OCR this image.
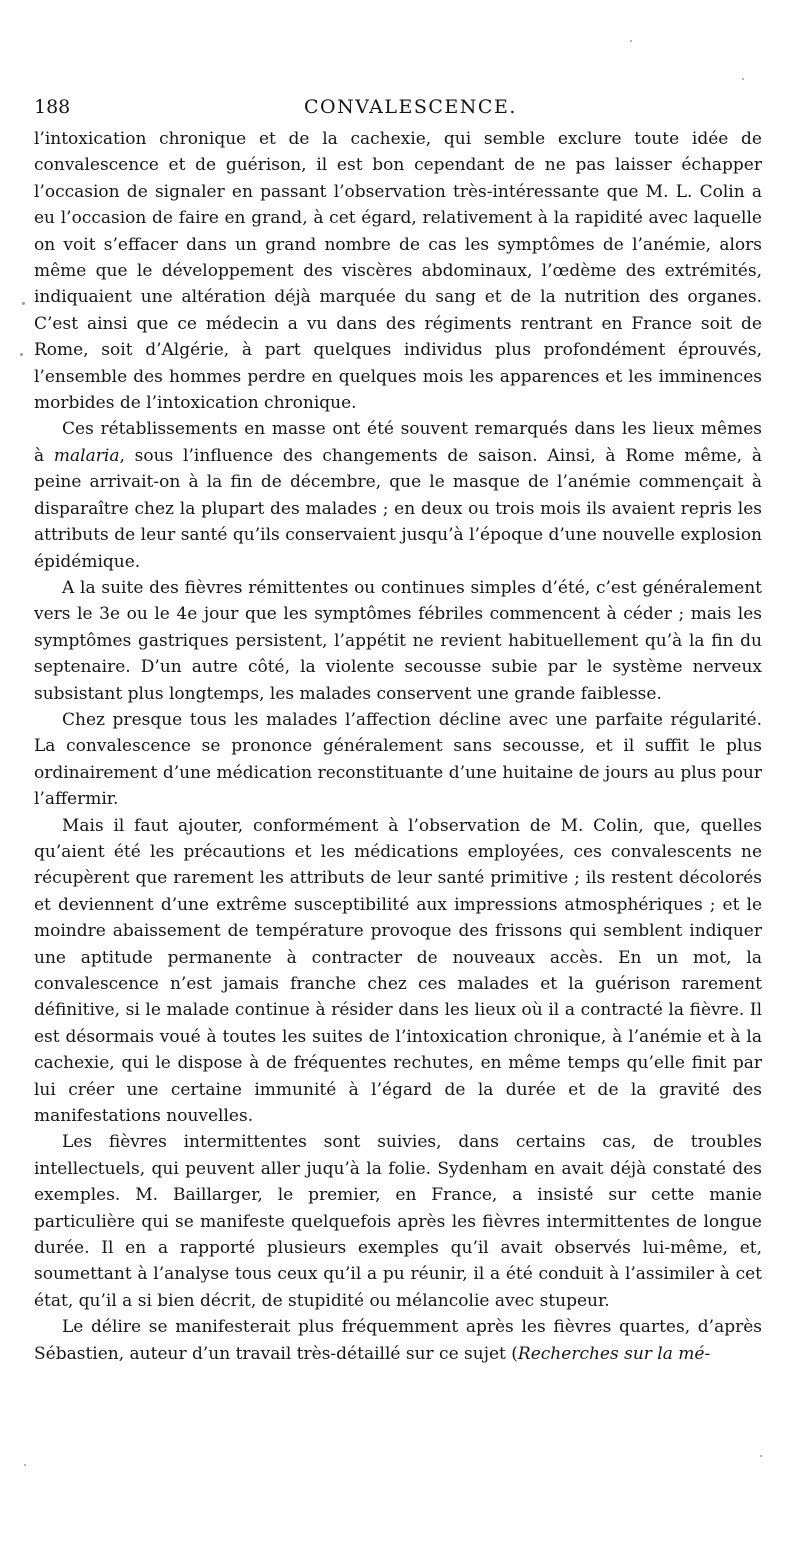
188	CONVALESCENCE.

l’intoxication chronique et de la cachexie, qui semble exclure toute idée de convalescence et de guérison, il est bon cependant de ne pas laisser échapper l’occasion de signaler en passant l’observation très-intéressante que M. L. Colin a eu l’occasion de faire en grand, à cet égard, relativement à la rapidité avec laquelle on voit s’effacer dans un grand nombre de cas les symptômes de l’anémie, alors même que le développement des viscères abdominaux, l’œdème des extrémités, indiquaient une altération déjà marquée du sang et de la nutrition des organes. C’est ainsi que ce médecin a vu dans des régiments rentrant en France soit de Rome, soit d’Algérie, à part quelques individus plus profondément éprouvés, l’ensemble des hommes perdre en quelques mois les apparences et les imminences morbides de l’intoxication chronique.

Ces rétablissements en masse ont été souvent remarqués dans les lieux mêmes à malaria, sous l’influence des changements de saison. Ainsi, à Rome même, à peine arrivait-on à la fin de décembre, que le masque de l’anémie commençait à disparaître chez la plupart des malades ; en deux ou trois mois ils avaient repris les attributs de leur santé qu’ils conservaient jusqu’à l’époque d’une nouvelle explosion épidémique.

A la suite des fièvres rémittentes ou continues simples d’été, c’est généralement vers le 3e ou le 4e jour que les symptômes fébriles commencent à céder ; mais les symptômes gastriques persistent, l’appétit ne revient habituellement qu’à la fin du septenaire. D’un autre côté, la violente secousse subie par le système nerveux subsistant plus longtemps, les malades conservent une grande faiblesse.

Chez presque tous les malades l’affection décline avec une parfaite régularité. La convalescence se prononce généralement sans secousse, et il suffit le plus ordinairement d’une médication reconstituante d’une huitaine de jours au plus pour l’affermir.

Mais il faut ajouter, conformément à l’observation de M. Colin, que, quelles qu’aient été les précautions et les médications employées, ces convalescents ne récupèrent que rarement les attributs de leur santé primitive ; ils restent décolorés et deviennent d’une extrême susceptibilité aux impressions atmosphériques ; et le moindre abaissement de température provoque des frissons qui semblent indiquer une aptitude permanente à contracter de nouveaux accès. En un mot, la convalescence n’est jamais franche chez ces malades et la guérison rarement définitive, si le malade continue à résider dans les lieux où il a contracté la fièvre. Il est désormais voué à toutes les suites de l’intoxication chronique, à l’anémie et à la cachexie, qui le dispose à de fréquentes rechutes, en même temps qu’elle finit par lui créer une certaine immunité à l’égard de la durée et de la gravité des manifestations nouvelles.

Les fièvres intermittentes sont suivies, dans certains cas, de troubles intellectuels, qui peuvent aller juqu’à la folie. Sydenham en avait déjà constaté des exemples. M. Baillarger, le premier, en France, a insisté sur cette manie particulière qui se manifeste quelquefois après les fièvres intermittentes de longue durée. Il en a rapporté plusieurs exemples qu’il avait observés lui-même, et, soumettant à l’analyse tous ceux qu’il a pu réunir, il a été conduit à l’assimiler à cet état, qu’il a si bien décrit, de stupidité ou mélancolie avec stupeur.

Le délire se manifesterait plus fréquemment après les fièvres quartes, d’après Sébastien, auteur d’un travail très-détaillé sur ce sujet (Recherches sur la mé-
